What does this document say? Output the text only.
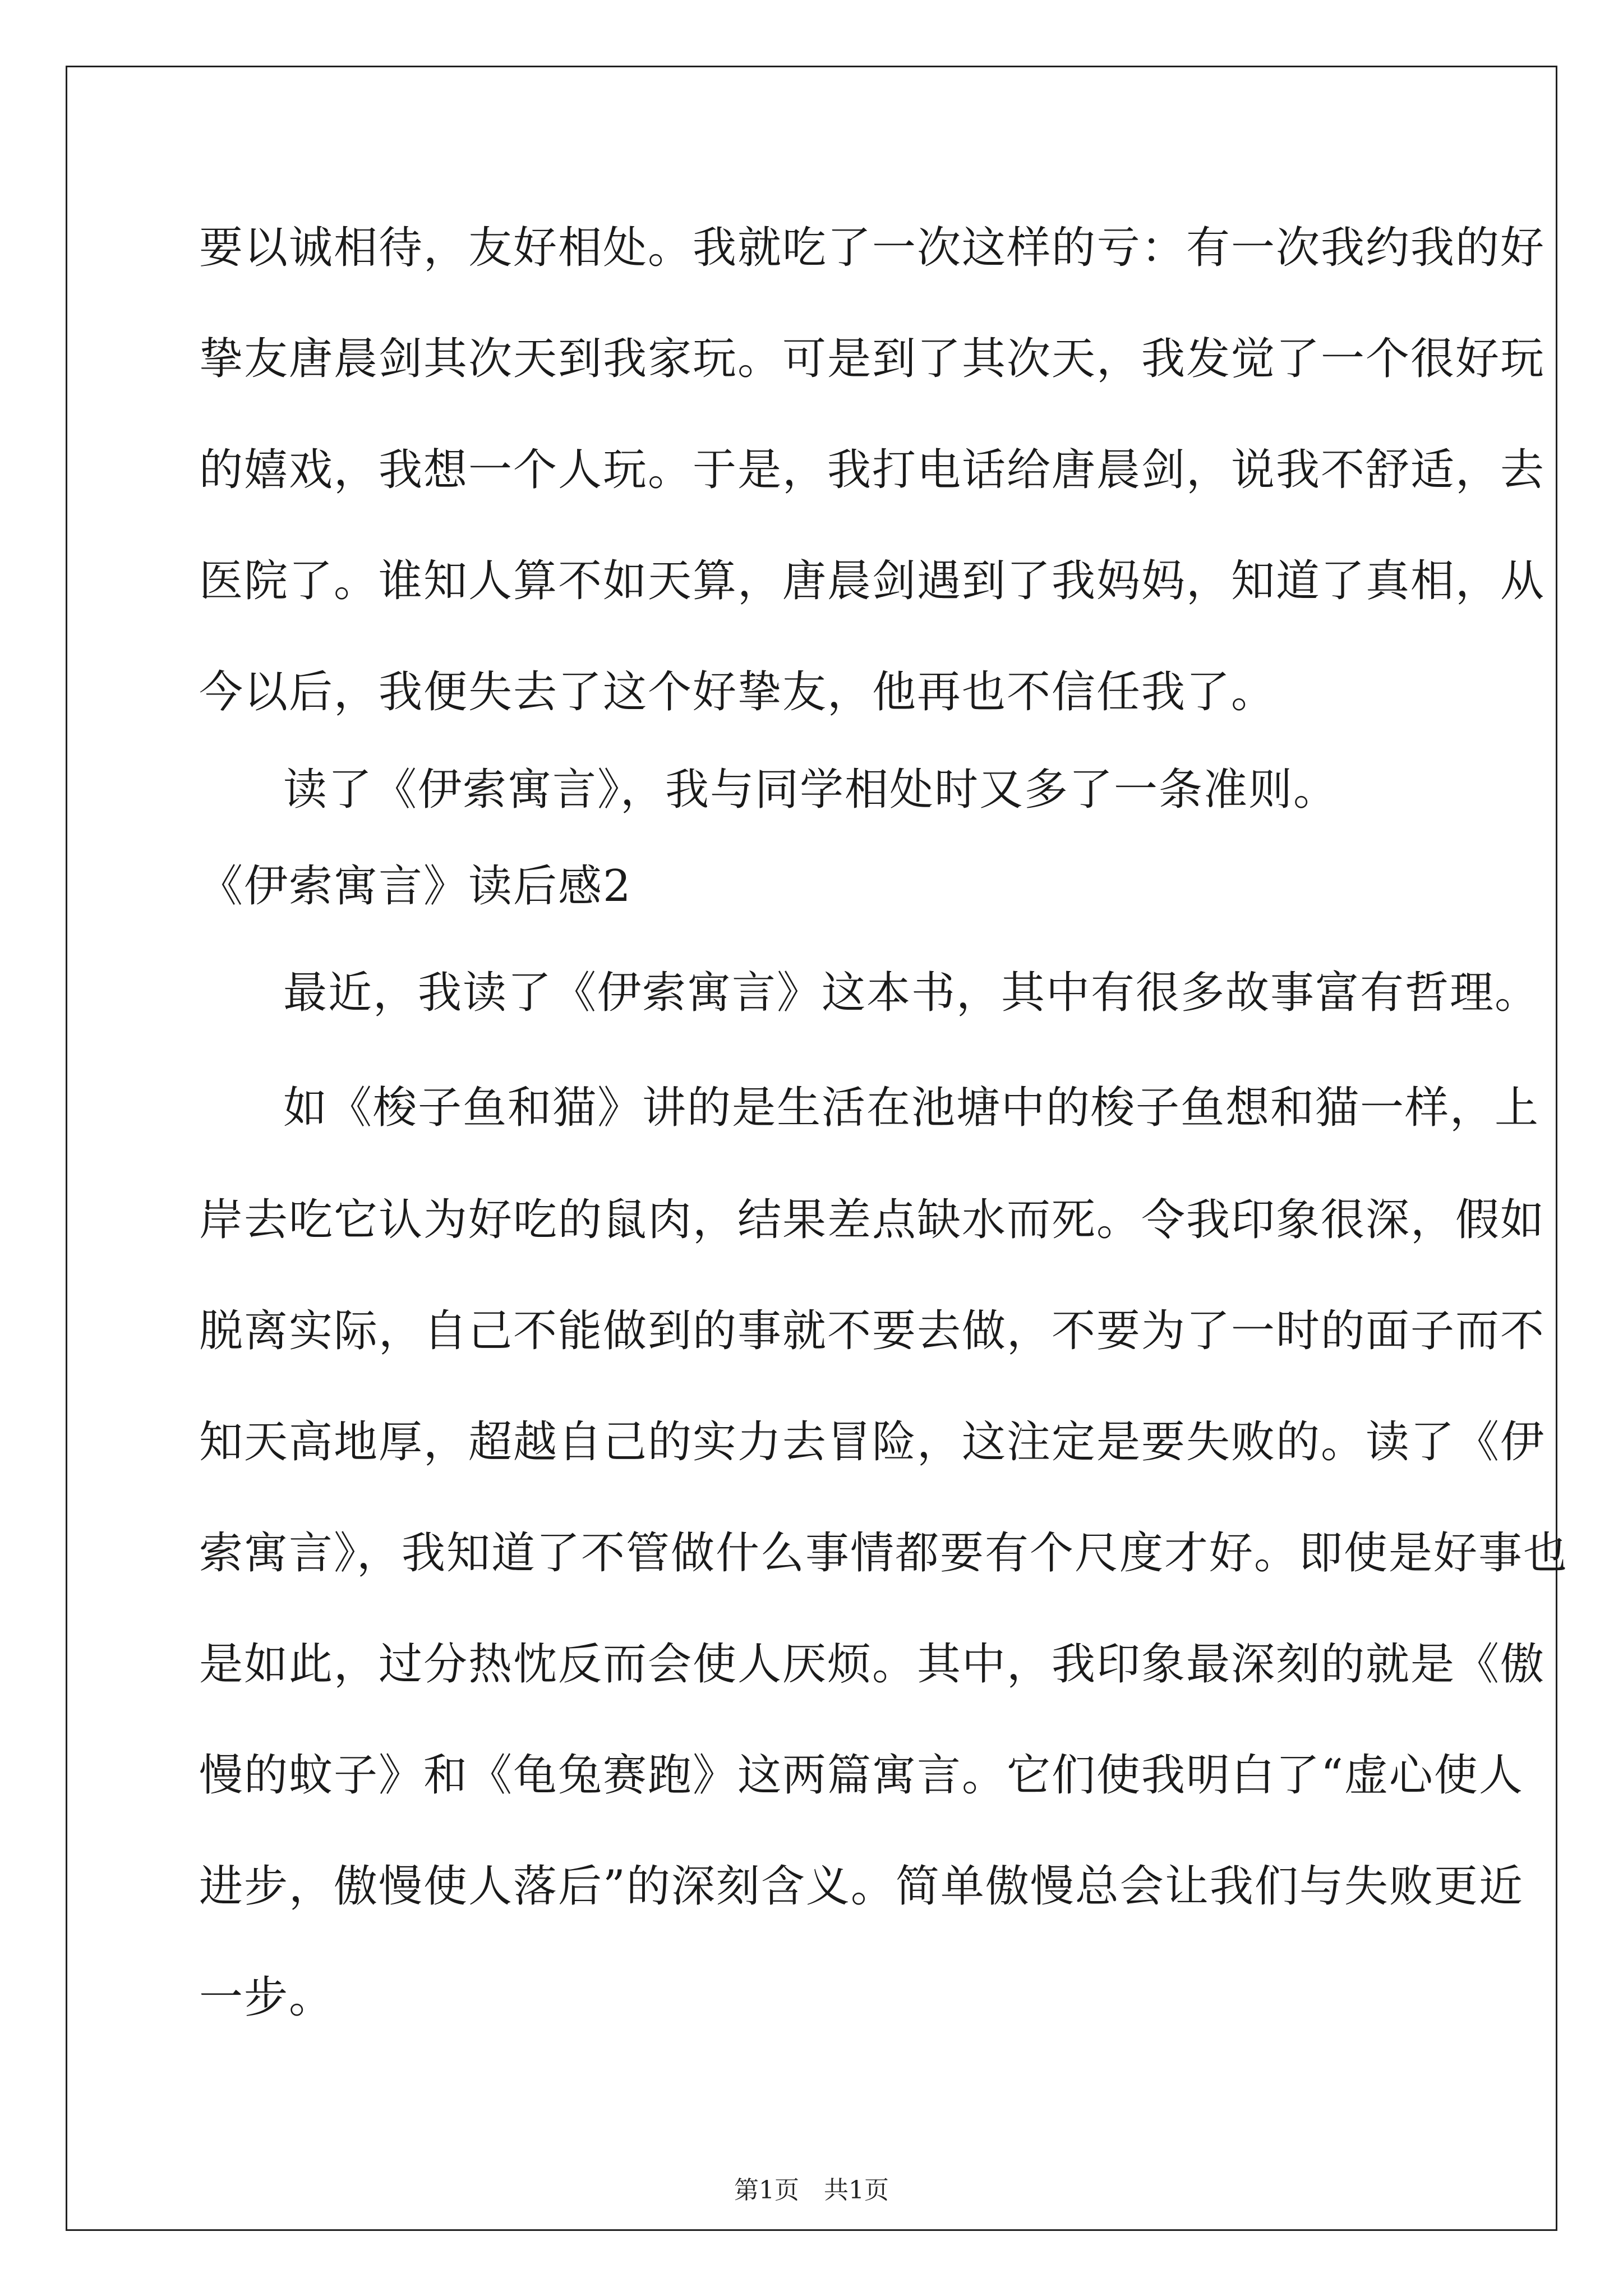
要以诚相待，友好相处。我就吃了一次这样的亏：有一次我约我的好
挚友唐晨剑其次天到我家玩。可是到了其次天，我发觉了一个很好玩
的嬉戏，我想一个人玩。于是，我打电话给唐晨剑，说我不舒适，去
医院了。谁知人算不如天算，唐晨剑遇到了我妈妈，知道了真相，从
今以后，我便失去了这个好挚友，他再也不信任我了。
读了《伊索寓言》，我与同学相处时又多了一条准则。
《伊索寓言》读后感2
最近，我读了《伊索寓言》这本书，其中有很多故事富有哲理。
如《梭子鱼和猫》讲的是生活在池塘中的梭子鱼想和猫一样，上
岸去吃它认为好吃的鼠肉，结果差点缺水而死。令我印象很深，假如
脱离实际，自己不能做到的事就不要去做，不要为了一时的面子而不
知天高地厚，超越自己的实力去冒险，这注定是要失败的。读了《伊
索寓言》，我知道了不管做什么事情都要有个尺度才好。即使是好事也
是如此，过分热忱反而会使人厌烦。其中，我印象最深刻的就是《傲
慢的蚊子》和《龟兔赛跑》这两篇寓言。它们使我明白了“虚心使人
进步，傲慢使人落后”的深刻含义。简单傲慢总会让我们与失败更近
一步。
第1页　共1页
